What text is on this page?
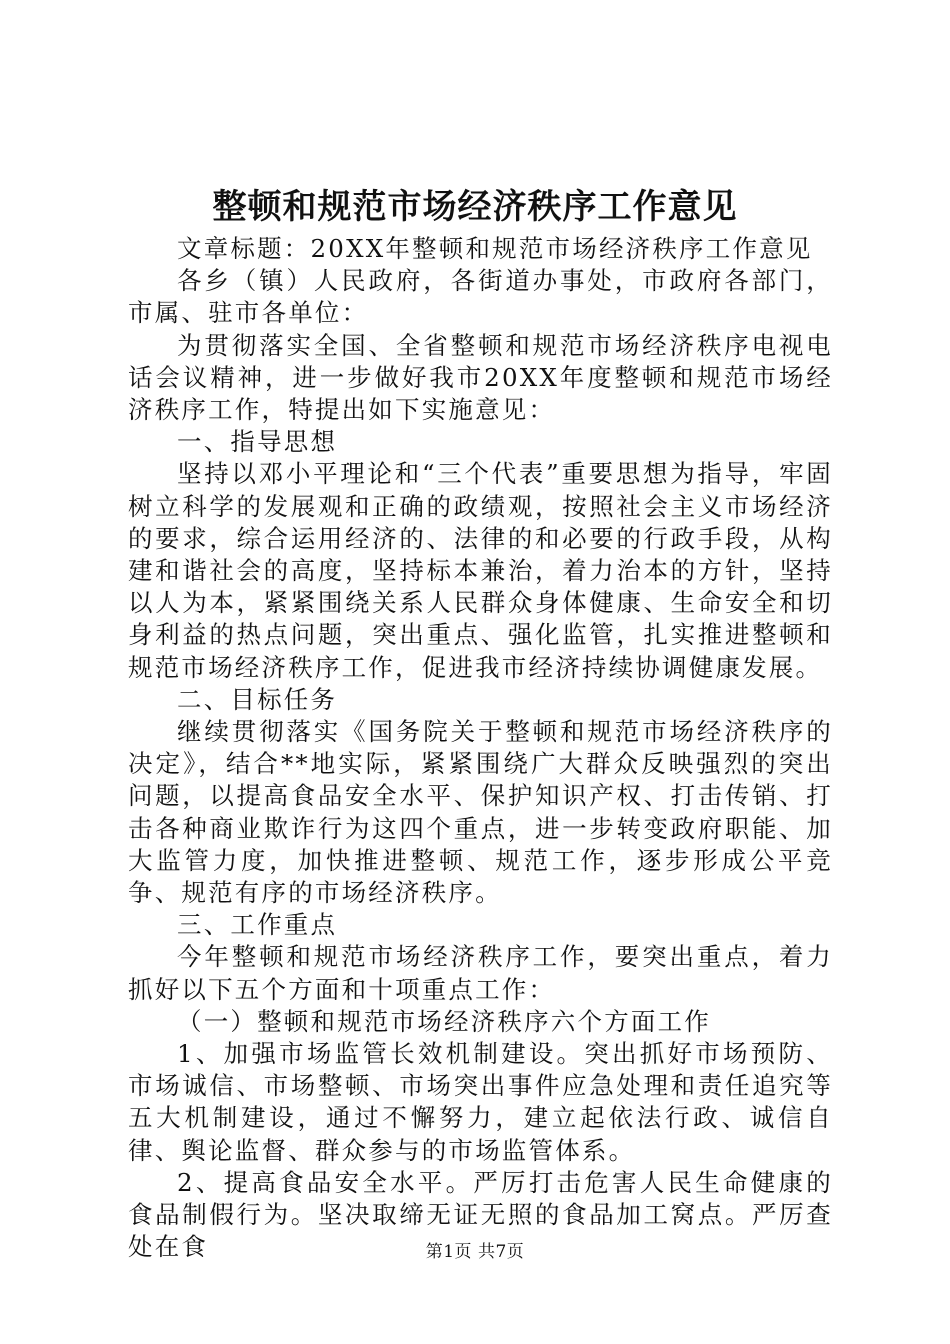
整顿和规范市场经济秩序工作意见

文章标题：20XX年整顿和规范市场经济秩序工作意见

各乡（镇）人民政府，各街道办事处，市政府各部门，市属、驻市各单位：

为贯彻落实全国、全省整顿和规范市场经济秩序电视电话会议精神，进一步做好我市20XX年度整顿和规范市场经济秩序工作，特提出如下实施意见：

一、指导思想

坚持以邓小平理论和“三个代表”重要思想为指导，牢固树立科学的发展观和正确的政绩观，按照社会主义市场经济的要求，综合运用经济的、法律的和必要的行政手段，从构建和谐社会的高度，坚持标本兼治，着力治本的方针，坚持以人为本，紧紧围绕关系人民群众身体健康、生命安全和切身利益的热点问题，突出重点、强化监管，扎实推进整顿和规范市场经济秩序工作，促进我市经济持续协调健康发展。

二、目标任务

继续贯彻落实《国务院关于整顿和规范市场经济秩序的决定》，结合**地实际，紧紧围绕广大群众反映强烈的突出问题，以提高食品安全水平、保护知识产权、打击传销、打击各种商业欺诈行为这四个重点，进一步转变政府职能、加大监管力度，加快推进整顿、规范工作，逐步形成公平竞争、规范有序的市场经济秩序。

三、工作重点

今年整顿和规范市场经济秩序工作，要突出重点，着力抓好以下五个方面和十项重点工作：

（一）整顿和规范市场经济秩序六个方面工作

1、加强市场监管长效机制建设。突出抓好市场预防、市场诚信、市场整顿、市场突出事件应急处理和责任追究等五大机制建设，通过不懈努力，建立起依法行政、诚信自律、舆论监督、群众参与的市场监管体系。

2、提高食品安全水平。严厉打击危害人民生命健康的食品制假行为。坚决取缔无证无照的食品加工窝点。严厉查处在食	第1页 共7页
